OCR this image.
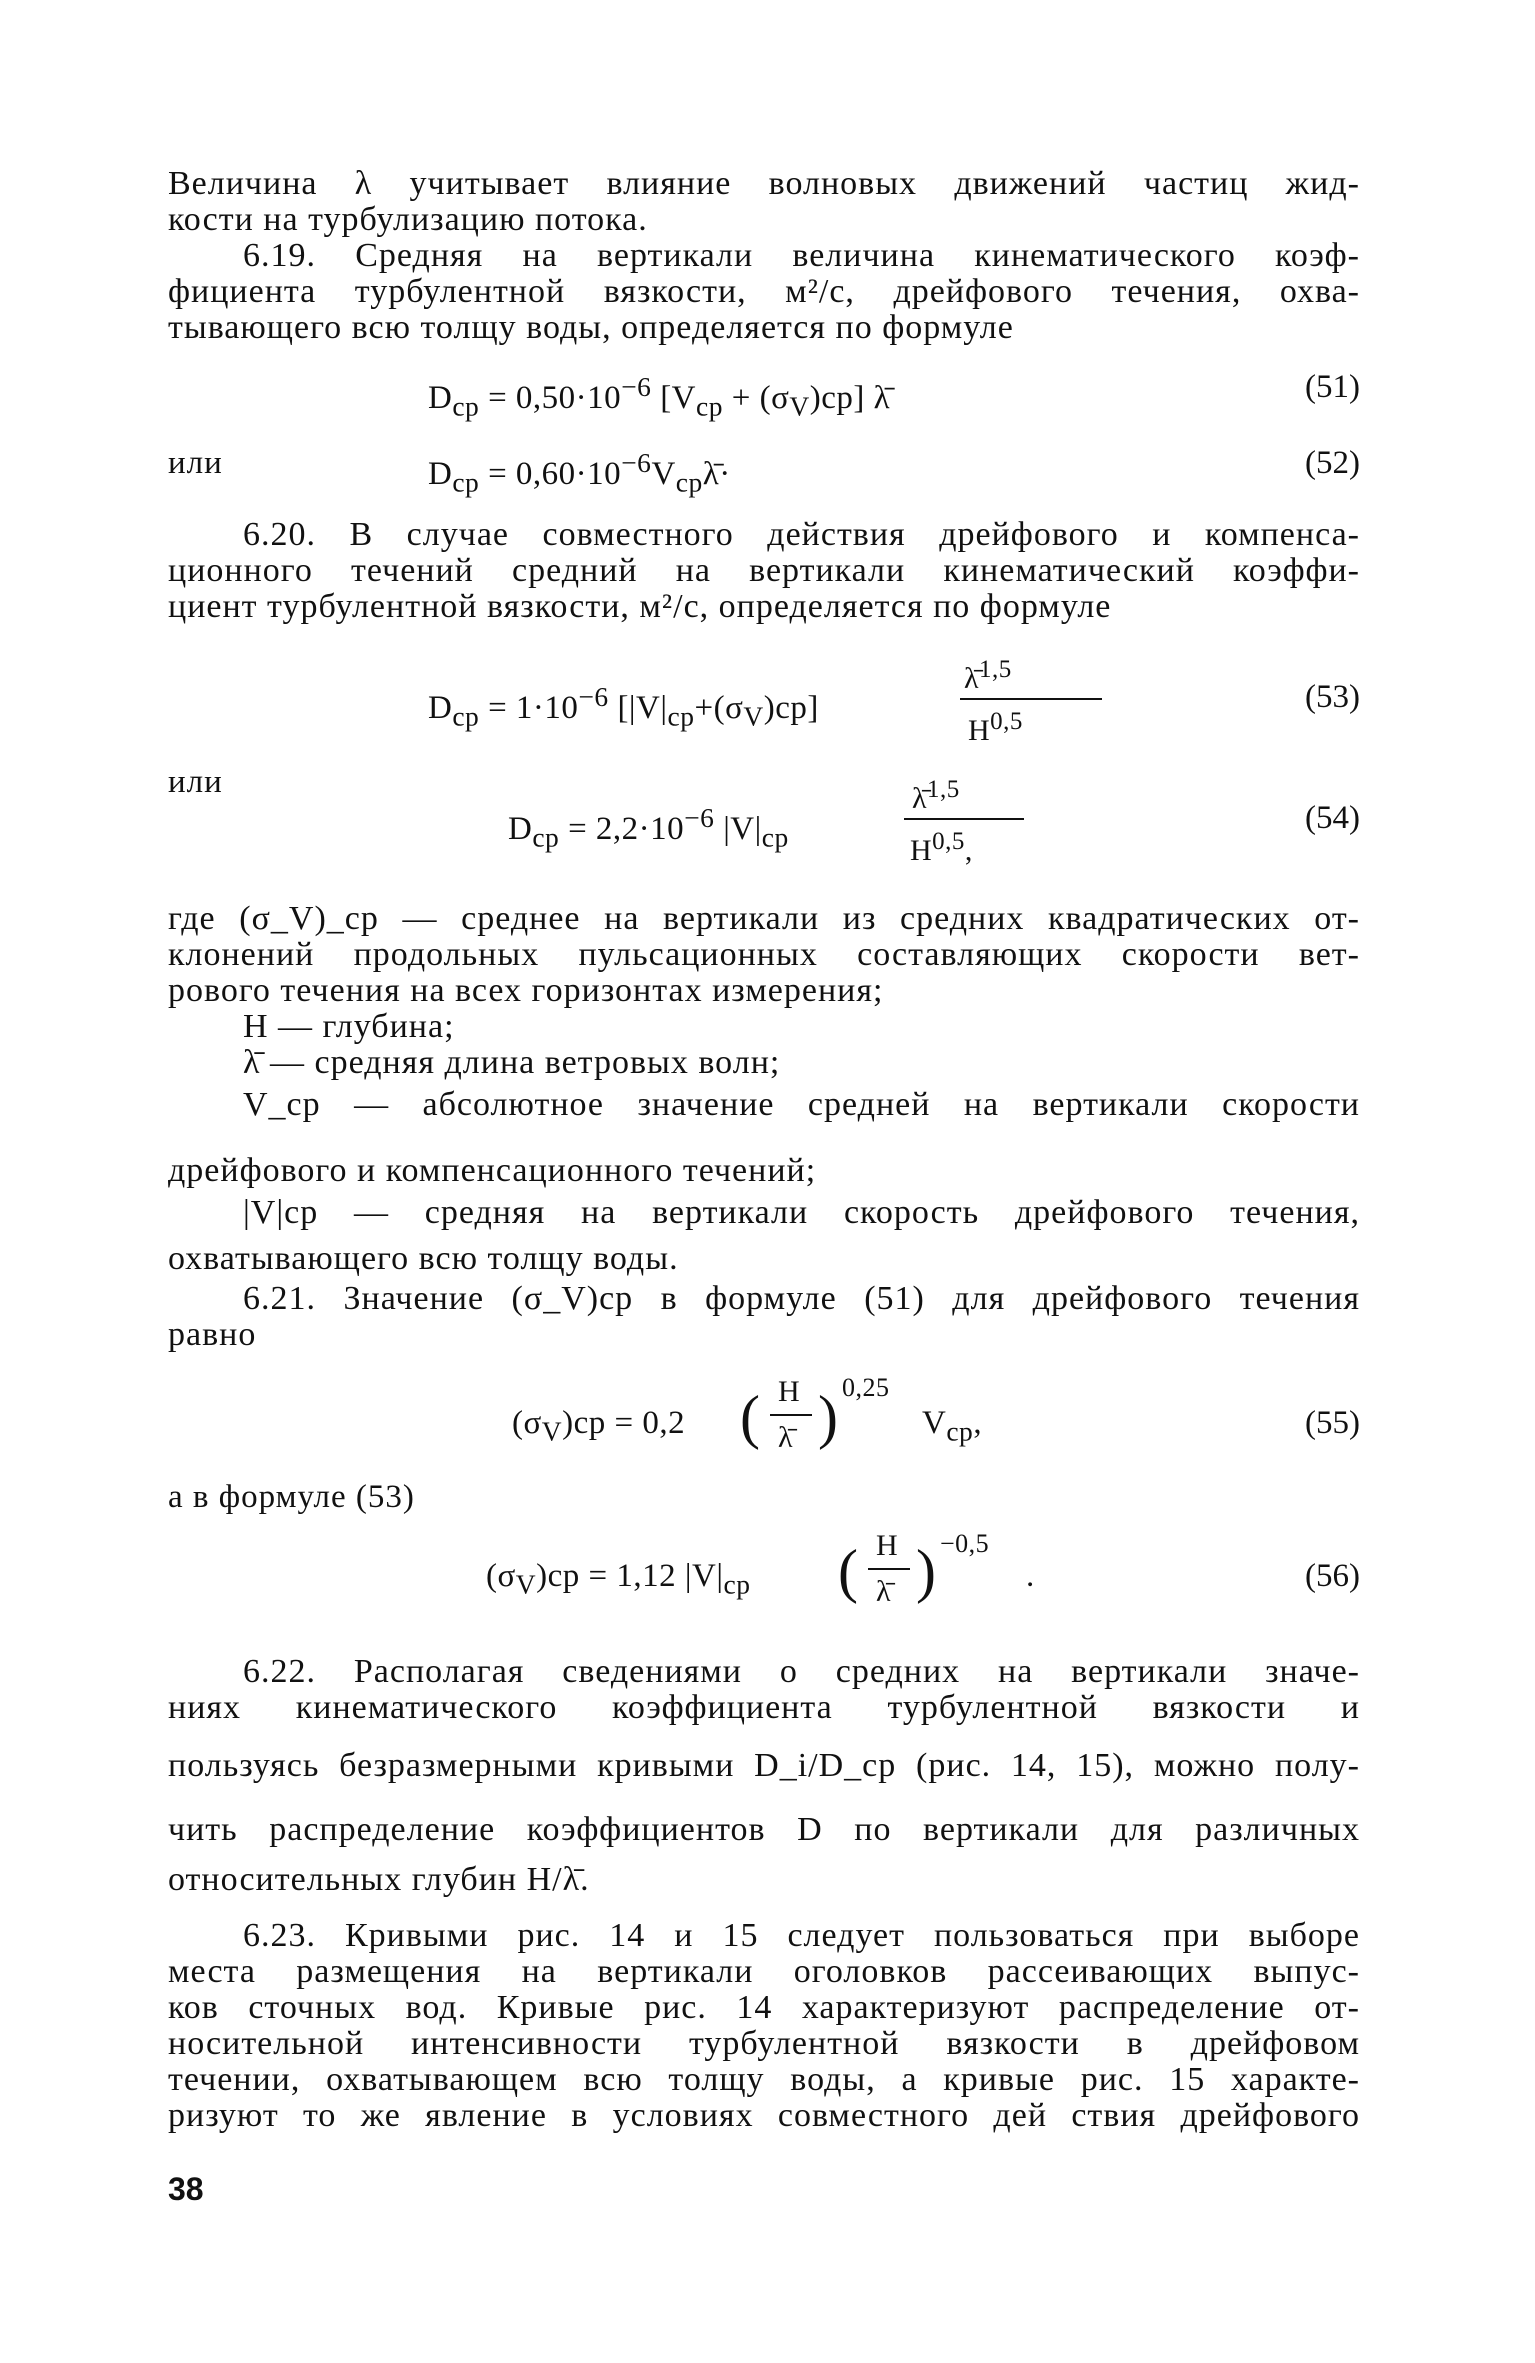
Величина λ учитывает влияние волновых движений частиц жид-
кости на турбулизацию потока.
6.19. Средняя на вертикали величина кинематического коэф-
фициента турбулентной вязкости, м²/с, дрейфового течения, охва-
тывающего всю толщу воды, определяется по формуле
$D_{ср} = 0,50\cdot 10^{-6}$ $[V_{ср} + (\sigma_V)ср]$ λ̄	(51)
или	$D_{ср}$ = $0,60\cdot 10^{-6}V_{ср}\lambdā\cdot$	(52)
6.20. В случае совместного действия дрейфового и компенса-
ционного течений средний на вертикали кинематический коэффи-
циент турбулентной вязкости, м²/с, определяется по формуле
$D_{ср} = 1\cdot 10^{-6}$ $[|V|_{ср}+(\sigma_V)ср]$
λ̄$^{1,5}$
H$^{0,5}$
(53)
или
$D_{ср} = 2,2\cdot 10^{-6}$ $|V|_{ср}$
λ̄$^{1,5}$
H$^{0,5}$,
(54)
где (σ_V)_ср — среднее на вертикали из средних квадратических от-
клонений продольных пульсационных составляющих скорости вет-
рового течения на всех горизонтах измерения;
H — глубина;
λ̄ — средняя длина ветровых волн;
V_ср — абсолютное значение средней на вертикали скорости
дрейфового и компенсационного течений;
|V|ср — средняя на вертикали скорость дрейфового течения,
охватывающего всю толщу воды.
6.21. Значение (σ_V)ср в формуле (51) для дрейфового течения
равно
$(\sigma_V)ср = 0,2$ ( H
λ̄ ) 0,25
$V_{ср}$,	(55)
а в формуле (53)
$(\sigma_V)ср = 1,12$ $|V|_{ср}$ ( H
λ̄ ) −0,5
.	(56)
6.22. Располагая сведениями о средних на вертикали значе-
ниях кинематического коэффициента турбулентной вязкости и
пользуясь безразмерными кривыми D_i/D_ср (рис. 14, 15), можно полу-
чить распределение коэффициентов D по вертикали для различных
относительных глубин H/λ̄.
6.23. Кривыми рис. 14 и 15 следует пользоваться при выборе
места размещения на вертикали оголовков рассеивающих выпус-
ков сточных вод. Кривые рис. 14 характеризуют распределение от-
носительной интенсивности турбулентной вязкости в дрейфовом
течении, охватывающем всю толщу воды, а кривые рис. 15 характе-
ризуют то же явление в условиях совместного дей ствия дрейфового
38
